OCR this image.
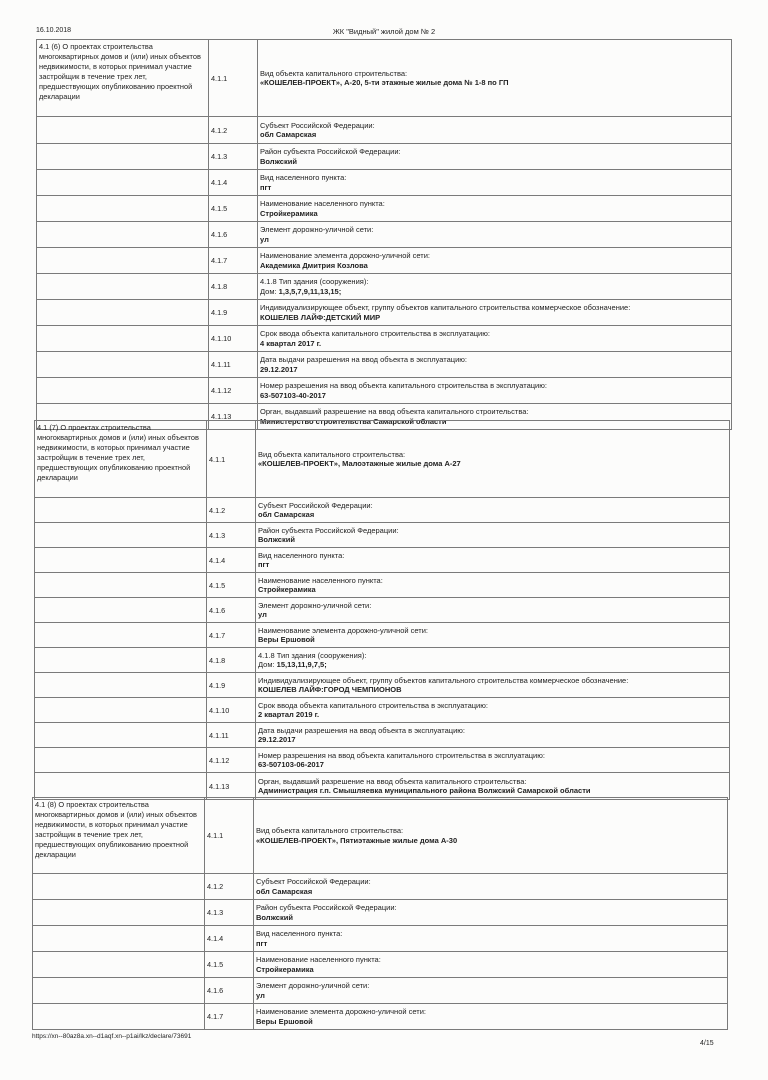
16.10.2018	ЖК "Видный" жилой дом № 2
4.1 (6) О проектах строительства многоквартирных домов и (или) иных объектов недвижимости, в которых принимал участие застройщик в течение трех лет, предшествующих опубликованию проектной декларации	4.1.1	Вид объекта капитального строительства:
«КОШЕЛЕВ-ПРОЕКТ», А-20, 5-ти этажные жилые дома № 1-8 по ГП

	4.1.2	Субъект Российской Федерации:
обл Самарская

	4.1.3	Район субъекта Российской Федерации:
Волжский

	4.1.4	Вид населенного пункта:
пгт

	4.1.5	Наименование населенного пункта:
Стройкерамика

	4.1.6	Элемент дорожно-уличной сети:
ул

	4.1.7	Наименование элемента дорожно-уличной сети:
Академика Дмитрия Козлова

	4.1.8	4.1.8 Тип здания (сооружения):
Дом: 1,3,5,7,9,11,13,15;
	4.1.9	Индивидуализирующее объект, группу объектов капитального строительства коммерческое обозначение:
КОШЕЛЕВ ЛАЙФ:ДЕТСКИЙ МИР

	4.1.10	Срок ввода объекта капитального строительства в эксплуатацию:
4 квартал 2017 г.

	4.1.11	Дата выдачи разрешения на ввод объекта в эксплуатацию:
29.12.2017

	4.1.12	Номер разрешения на ввод объекта капитального строительства в эксплуатацию:
63-507103-40-2017

	4.1.13	Орган, выдавший разрешение на ввод объекта капитального строительства:
Министерство строительства Самарской области
4.1 (7) О проектах строительства многоквартирных домов и (или) иных объектов недвижимости, в которых принимал участие застройщик в течение трех лет, предшествующих опубликованию проектной декларации	4.1.1	Вид объекта капитального строительства:
«КОШЕЛЕВ-ПРОЕКТ», Малоэтажные жилые дома А-27

	4.1.2	Субъект Российской Федерации:
обл Самарская

	4.1.3	Район субъекта Российской Федерации:
Волжский

	4.1.4	Вид населенного пункта:
пгт

	4.1.5	Наименование населенного пункта:
Стройкерамика

	4.1.6	Элемент дорожно-уличной сети:
ул

	4.1.7	Наименование элемента дорожно-уличной сети:
Веры Ершовой

	4.1.8	4.1.8 Тип здания (сооружения):
Дом: 15,13,11,9,7,5;
	4.1.9	Индивидуализирующее объект, группу объектов капитального строительства коммерческое обозначение:
КОШЕЛЕВ ЛАЙФ:ГОРОД ЧЕМПИОНОВ

	4.1.10	Срок ввода объекта капитального строительства в эксплуатацию:
2 квартал 2019 г.

	4.1.11	Дата выдачи разрешения на ввод объекта в эксплуатацию:
29.12.2017

	4.1.12	Номер разрешения на ввод объекта капитального строительства в эксплуатацию:
63-507103-06-2017

	4.1.13	Орган, выдавший разрешение на ввод объекта капитального строительства:
Администрация г.п. Смышляевка муниципального района Волжский Самарской области
4.1 (8) О проектах строительства многоквартирных домов и (или) иных объектов недвижимости, в которых принимал участие застройщик в течение трех лет, предшествующих опубликованию проектной декларации	4.1.1	Вид объекта капитального строительства:
«КОШЕЛЕВ-ПРОЕКТ», Пятиэтажные жилые дома А-30

	4.1.2	Субъект Российской Федерации:
обл Самарская

	4.1.3	Район субъекта Российской Федерации:
Волжский

	4.1.4	Вид населенного пункта:
пгт

	4.1.5	Наименование населенного пункта:
Стройкерамика

	4.1.6	Элемент дорожно-уличной сети:
ул

	4.1.7	Наименование элемента дорожно-уличной сети:
Веры Ершовой
https://xn--80az8a.xn--d1aqf.xn--p1ai/lkz/declare/73691
4/15
